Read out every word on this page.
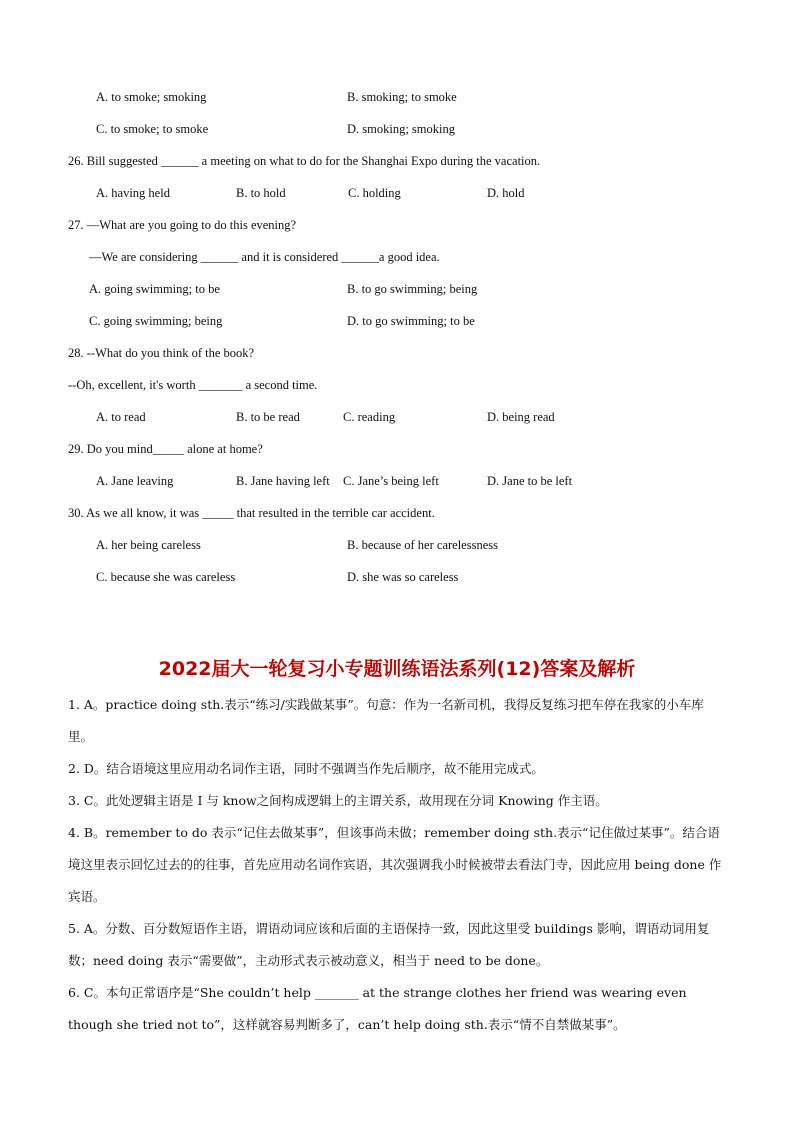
A. to smoke; smoking	B. smoking; to smoke
C. to smoke; to smoke	D. smoking; smoking
26. Bill suggested ______ a meeting on what to do for the Shanghai Expo during the vacation.
A. having held	B. to hold	C. holding	D. hold
27. —What are you going to do this evening?
—We are considering ______ and it is considered ______a good idea.
A. going swimming; to be	B. to go swimming; being
C. going swimming; being	D. to go swimming; to be
28. --What do you think of the book?
--Oh, excellent, it's worth _______ a second time.
A. to read	B. to be read	C. reading	D. being read
29. Do you mind_____ alone at home?
A. Jane leaving	B. Jane having left C. Jane’s being left	D. Jane to be left
30. As we all know, it was _____ that resulted in the terrible car accident.
A. her being careless	B. because of her carelessness
C. because she was careless	D. she was so careless
2022届大一轮复习小专题训练语法系列(12)答案及解析
1. A。practice doing sth.表示“练习/实践做某事”。句意：作为一名新司机，我得反复练习把车停在我家的小车库里。
2. D。结合语境这里应用动名词作主语，同时不强调当作先后顺序，故不能用完成式。
3. C。此处逻辑主语是 I 与 know之间构成逻辑上的主谓关系，故用现在分词 Knowing 作主语。
4. B。remember to do 表示“记住去做某事”，但该事尚未做；remember doing sth.表示“记住做过某事”。结合语境这里表示回忆过去的的往事，首先应用动名词作宾语，其次强调我小时候被带去看法门寺，因此应用 being done 作宾语。
5. A。分数、百分数短语作主语，谓语动词应该和后面的主语保持一致，因此这里受 buildings 影响，谓语动词用复数；need doing 表示“需要做”，主动形式表示被动意义，相当于 need to be done。
6. C。本句正常语序是“She couldn’t help _______ at the strange clothes her friend was wearing even though she tried not to”，这样就容易判断多了，can’t help doing sth.表示“情不自禁做某事”。
